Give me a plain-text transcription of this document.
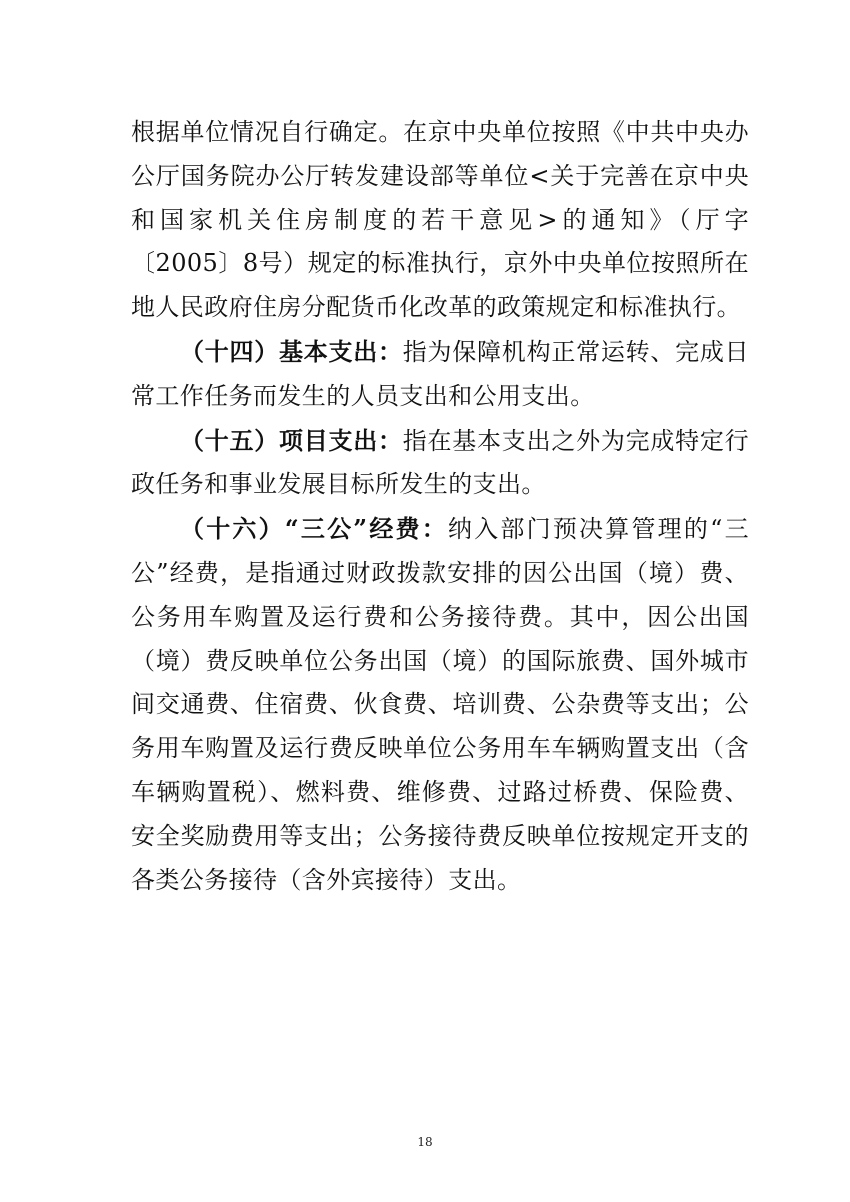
根据单位情况自行确定。在京中央单位按照《中共中央办公厅国务院办公厅转发建设部等单位<关于完善在京中央和国家机关住房制度的若干意见>的通知》（厅字〔2005〕8号）规定的标准执行，京外中央单位按照所在地人民政府住房分配货币化改革的政策规定和标准执行。

（十四）基本支出：指为保障机构正常运转、完成日常工作任务而发生的人员支出和公用支出。

（十五）项目支出：指在基本支出之外为完成特定行政任务和事业发展目标所发生的支出。

（十六）“三公”经费：纳入部门预决算管理的“三公”经费，是指通过财政拨款安排的因公出国（境）费、公务用车购置及运行费和公务接待费。其中，因公出国（境）费反映单位公务出国（境）的国际旅费、国外城市间交通费、住宿费、伙食费、培训费、公杂费等支出；公务用车购置及运行费反映单位公务用车车辆购置支出（含车辆购置税）、燃料费、维修费、过路过桥费、保险费、安全奖励费用等支出；公务接待费反映单位按规定开支的各类公务接待（含外宾接待）支出。

18
